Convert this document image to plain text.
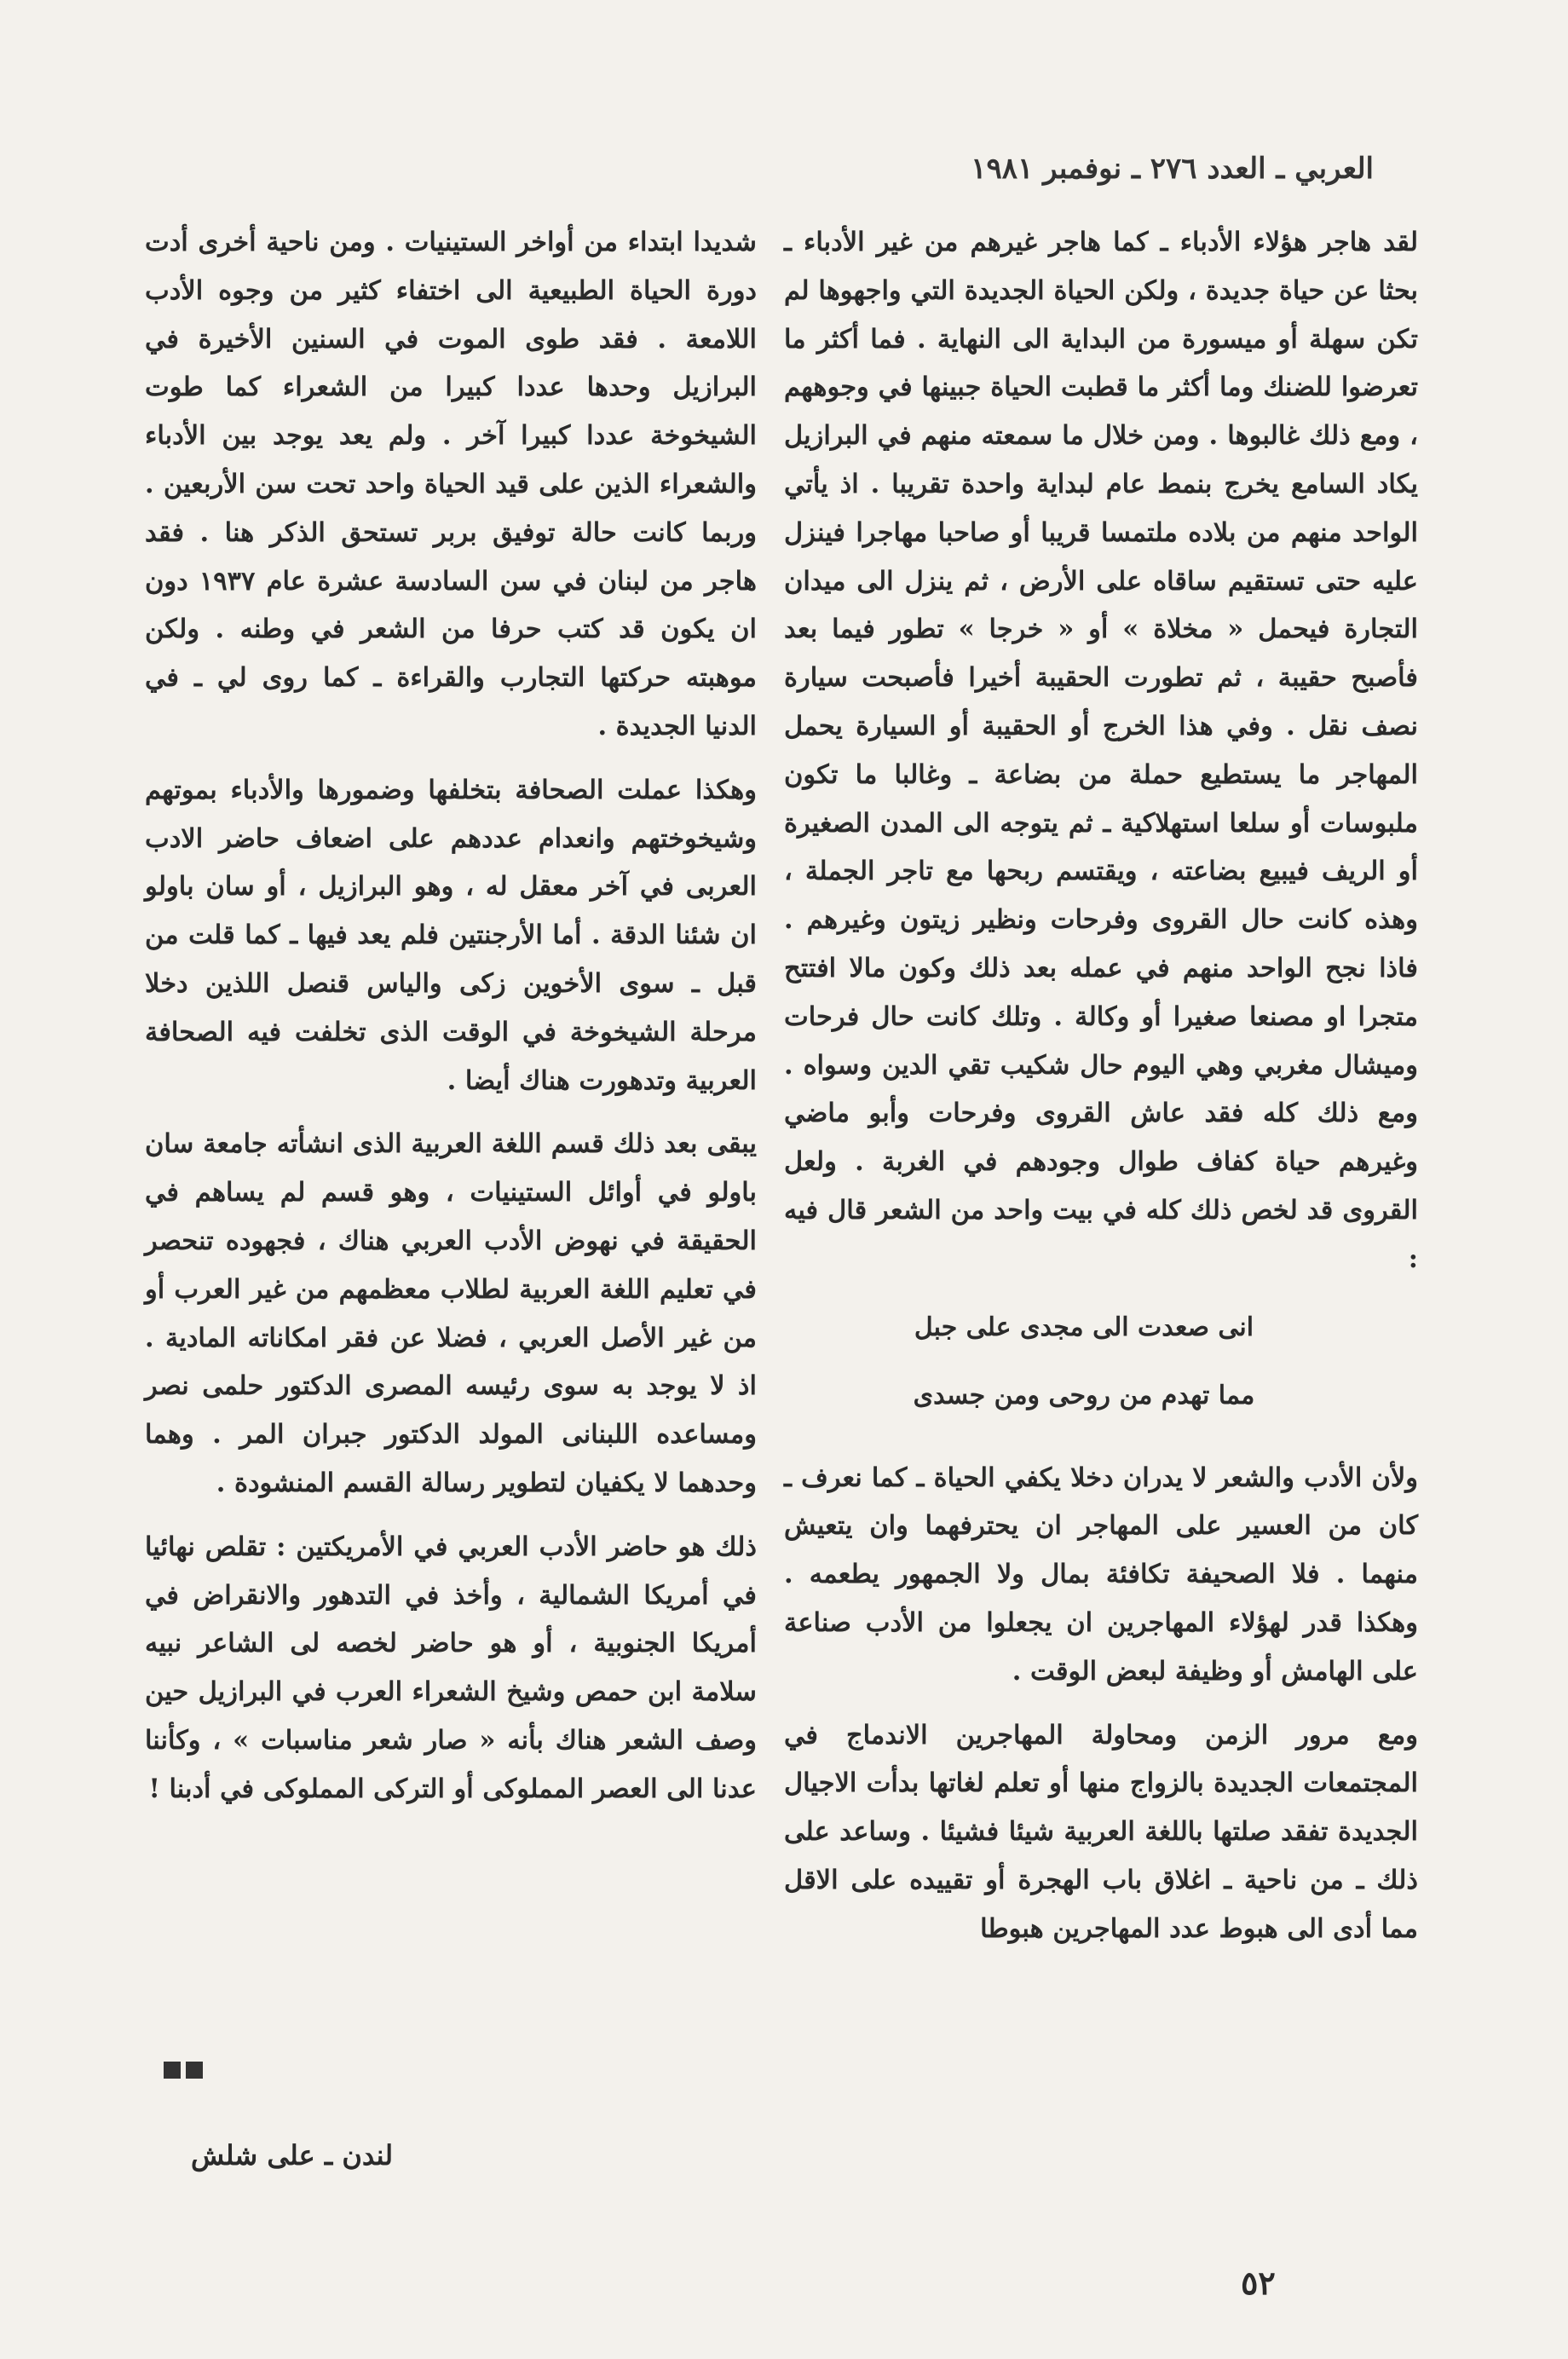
العربي ـ العدد ٢٧٦ ـ نوفمبر ١٩٨١

لقد هاجر هؤلاء الأدباء ـ كما هاجر غيرهم من غير الأدباء ـ بحثا عن حياة جديدة ، ولكن الحياة الجديدة التي واجهوها لم تكن سهلة أو ميسورة من البداية الى النهاية . فما أكثر ما تعرضوا للضنك وما أكثر ما قطبت الحياة جبينها في وجوههم ، ومع ذلك غالبوها . ومن خلال ما سمعته منهم في البرازيل يكاد السامع يخرج بنمط عام لبداية واحدة تقريبا . اذ يأتي الواحد منهم من بلاده ملتمسا قريبا أو صاحبا مهاجرا فينزل عليه حتى تستقيم ساقاه على الأرض ، ثم ينزل الى ميدان التجارة فيحمل « مخلاة » أو « خرجا » تطور فيما بعد فأصبح حقيبة ، ثم تطورت الحقيبة أخيرا فأصبحت سيارة نصف نقل . وفي هذا الخرج أو الحقيبة أو السيارة يحمل المهاجر ما يستطيع حملة من بضاعة ـ وغالبا ما تكون ملبوسات أو سلعا استهلاكية ـ ثم يتوجه الى المدن الصغيرة أو الريف فيبيع بضاعته ، ويقتسم ربحها مع تاجر الجملة ، وهذه كانت حال القروى وفرحات ونظير زيتون وغيرهم . فاذا نجح الواحد منهم في عمله بعد ذلك وكون مالا افتتح متجرا او مصنعا صغيرا أو وكالة . وتلك كانت حال فرحات وميشال مغربي وهي اليوم حال شكيب تقي الدين وسواه . ومع ذلك كله فقد عاش القروى وفرحات وأبو ماضي وغيرهم حياة كفاف طوال وجودهم في الغربة . ولعل القروى قد لخص ذلك كله في بيت واحد من الشعر قال فيه :

انى صعدت الى مجدى على جبل

مما تهدم من روحى ومن جسدى

ولأن الأدب والشعر لا يدران دخلا يكفي الحياة ـ كما نعرف ـ كان من العسير على المهاجر ان يحترفهما وان يتعيش منهما . فلا الصحيفة تكافئة بمال ولا الجمهور يطعمه . وهكذا قدر لهؤلاء المهاجرين ان يجعلوا من الأدب صناعة على الهامش أو وظيفة لبعض الوقت .

ومع مرور الزمن ومحاولة المهاجرين الاندماج في المجتمعات الجديدة بالزواج منها أو تعلم لغاتها بدأت الاجيال الجديدة تفقد صلتها باللغة العربية شيئا فشيئا . وساعد على ذلك ـ من ناحية ـ اغلاق باب الهجرة أو تقييده على الاقل مما أدى الى هبوط عدد المهاجرين هبوطا

شديدا ابتداء من أواخر الستينيات . ومن ناحية أخرى أدت دورة الحياة الطبيعية الى اختفاء كثير من وجوه الأدب اللامعة . فقد طوى الموت في السنين الأخيرة في البرازيل وحدها عددا كبيرا من الشعراء كما طوت الشيخوخة عددا كبيرا آخر . ولم يعد يوجد بين الأدباء والشعراء الذين على قيد الحياة واحد تحت سن الأربعين . وربما كانت حالة توفيق بربر تستحق الذكر هنا . فقد هاجر من لبنان في سن السادسة عشرة عام ١٩٣٧ دون ان يكون قد كتب حرفا من الشعر في وطنه . ولكن موهبته حركتها التجارب والقراءة ـ كما روى لي ـ في الدنيا الجديدة .

وهكذا عملت الصحافة بتخلفها وضمورها والأدباء بموتهم وشيخوختهم وانعدام عددهم على اضعاف حاضر الادب العربى في آخر معقل له ، وهو البرازيل ، أو سان باولو ان شئنا الدقة . أما الأرجنتين فلم يعد فيها ـ كما قلت من قبل ـ سوى الأخوين زكى والياس قنصل اللذين دخلا مرحلة الشيخوخة في الوقت الذى تخلفت فيه الصحافة العربية وتدهورت هناك أيضا .

يبقى بعد ذلك قسم اللغة العربية الذى انشأته جامعة سان باولو في أوائل الستينيات ، وهو قسم لم يساهم في الحقيقة في نهوض الأدب العربي هناك ، فجهوده تنحصر في تعليم اللغة العربية لطلاب معظمهم من غير العرب أو من غير الأصل العربي ، فضلا عن فقر امكاناته المادية . اذ لا يوجد به سوى رئيسه المصرى الدكتور حلمى نصر ومساعده اللبنانى المولد الدكتور جبران المر . وهما وحدهما لا يكفيان لتطوير رسالة القسم المنشودة .

ذلك هو حاضر الأدب العربي في الأمريكتين : تقلص نهائيا في أمريكا الشمالية ، وأخذ في التدهور والانقراض في أمريكا الجنوبية ، أو هو حاضر لخصه لى الشاعر نبيه سلامة ابن حمص وشيخ الشعراء العرب في البرازيل حين وصف الشعر هناك بأنه « صار شعر مناسبات » ، وكأننا عدنا الى العصر المملوكى أو التركى المملوكى في أدبنا !

لندن ـ على شلش
٥٢
